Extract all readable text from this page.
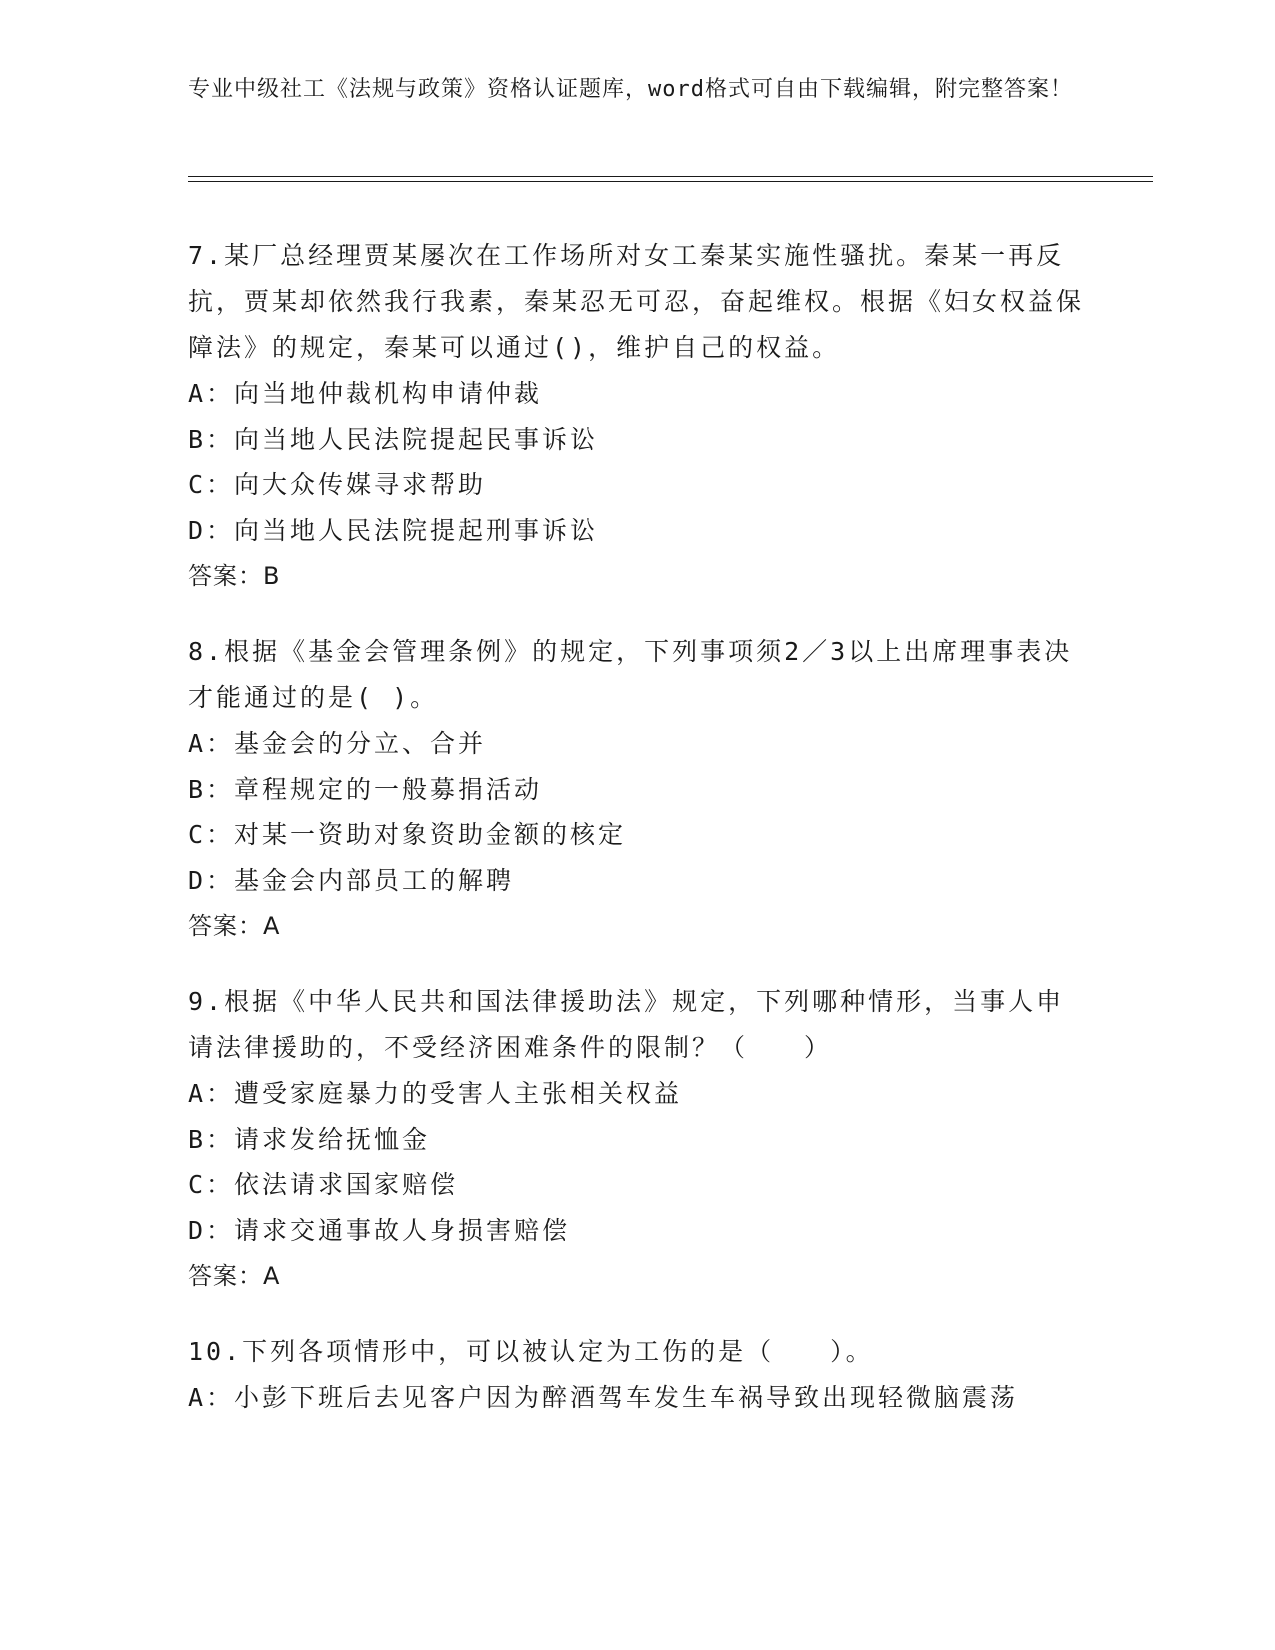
专业中级社工《法规与政策》资格认证题库，word格式可自由下载编辑，附完整答案！

7.某厂总经理贾某屡次在工作场所对女工秦某实施性骚扰。秦某一再反抗，贾某却依然我行我素，秦某忍无可忍，奋起维权。根据《妇女权益保障法》的规定，秦某可以通过()，维护自己的权益。

A：向当地仲裁机构申请仲裁

B：向当地人民法院提起民事诉讼

C：向大众传媒寻求帮助

D：向当地人民法院提起刑事诉讼

答案：B

8.根据《基金会管理条例》的规定，下列事项须2／3以上出席理事表决才能通过的是( )。

A：基金会的分立、合并

B：章程规定的一般募捐活动

C：对某一资助对象资助金额的核定

D：基金会内部员工的解聘

答案：A

9.根据《中华人民共和国法律援助法》规定，下列哪种情形，当事人申请法律援助的，不受经济困难条件的限制？（　　）

A：遭受家庭暴力的受害人主张相关权益

B：请求发给抚恤金

C：依法请求国家赔偿

D：请求交通事故人身损害赔偿

答案：A

10.下列各项情形中，可以被认定为工伤的是（　　）。

A：小彭下班后去见客户因为醉酒驾车发生车祸导致出现轻微脑震荡
